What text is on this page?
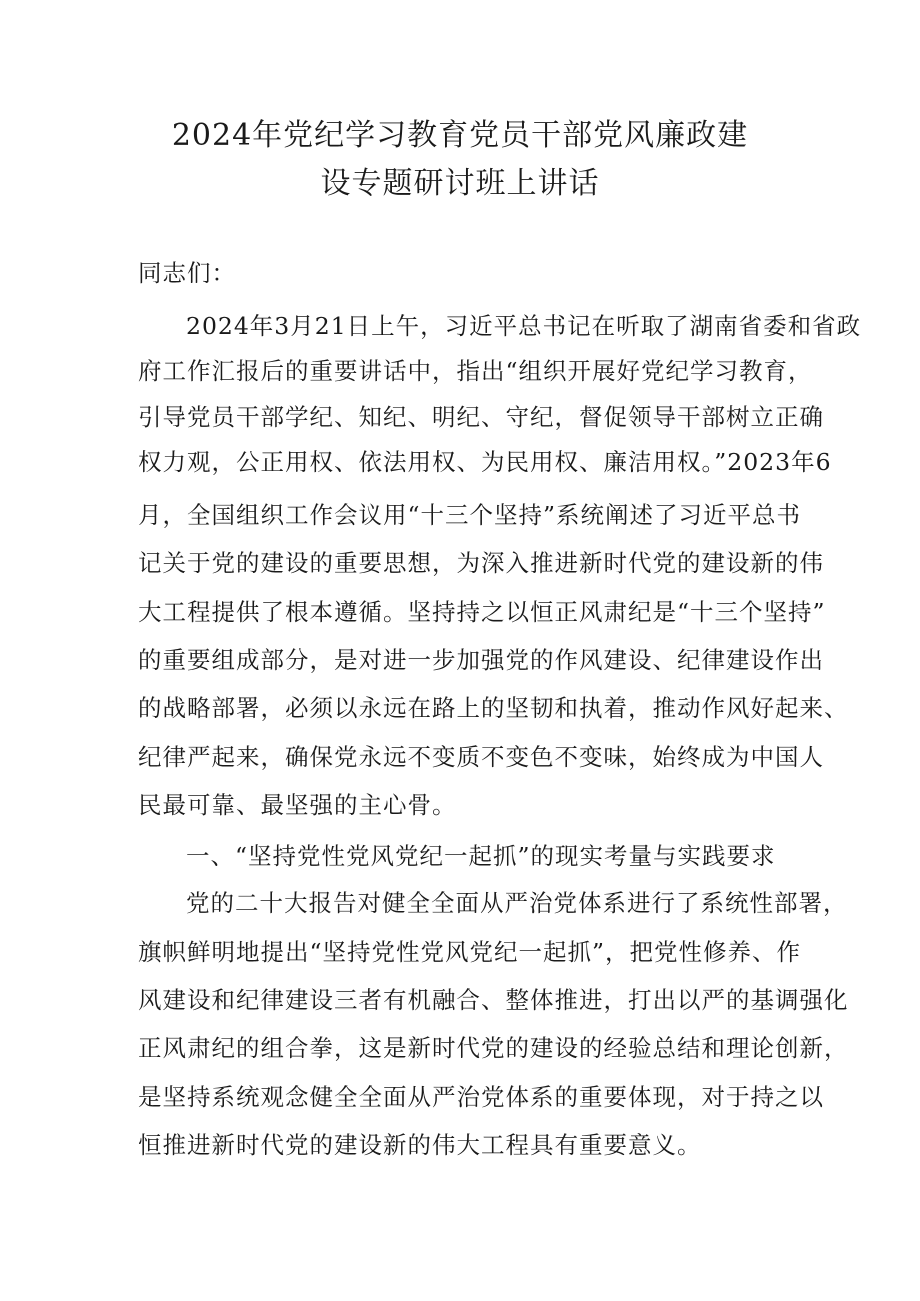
2024年党纪学习教育党员干部党风廉政建
设专题研讨班上讲话

同志们：

2024年3月21日上午，习近平总书记在听取了湖南省委和省政

府工作汇报后的重要讲话中，指出“组织开展好党纪学习教育，

引导党员干部学纪、知纪、明纪、守纪，督促领导干部树立正确

权力观，公正用权、依法用权、为民用权、廉洁用权。”2023年6

月，全国组织工作会议用“十三个坚持”系统阐述了习近平总书

记关于党的建设的重要思想，为深入推进新时代党的建设新的伟

大工程提供了根本遵循。坚持持之以恒正风肃纪是“十三个坚持”

的重要组成部分，是对进一步加强党的作风建设、纪律建设作出

的战略部署，必须以永远在路上的坚韧和执着，推动作风好起来、

纪律严起来，确保党永远不变质不变色不变味，始终成为中国人

民最可靠、最坚强的主心骨。

一、“坚持党性党风党纪一起抓”的现实考量与实践要求

党的二十大报告对健全全面从严治党体系进行了系统性部署，

旗帜鲜明地提出“坚持党性党风党纪一起抓”，把党性修养、作

风建设和纪律建设三者有机融合、整体推进，打出以严的基调强化

正风肃纪的组合拳，这是新时代党的建设的经验总结和理论创新，

是坚持系统观念健全全面从严治党体系的重要体现，对于持之以

恒推进新时代党的建设新的伟大工程具有重要意义。
